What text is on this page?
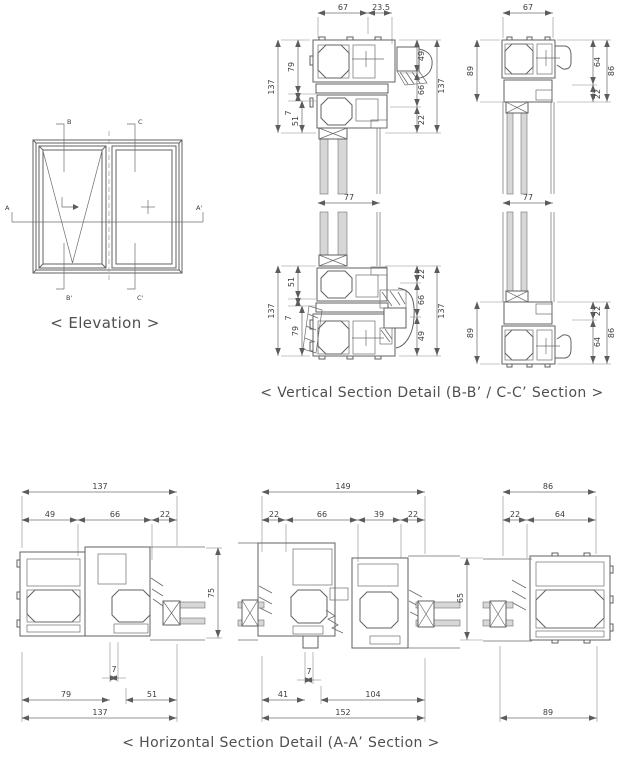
B	C
B'	C'
A	A'
67	23.5
77
137
79
7
51
49
66
22
137
51
7
79
137
22
66
49
137
67
77
89
89
64
22
86
22
64
86
137
49	66	22
75
7
79	51
137
149
22	66	39	22
7
41	104
152
86
22	64
65
89
< Elevation >
< Vertical Section Detail (B-B’ / C-C’ Section >
< Horizontal Section Detail (A-A’ Section >
